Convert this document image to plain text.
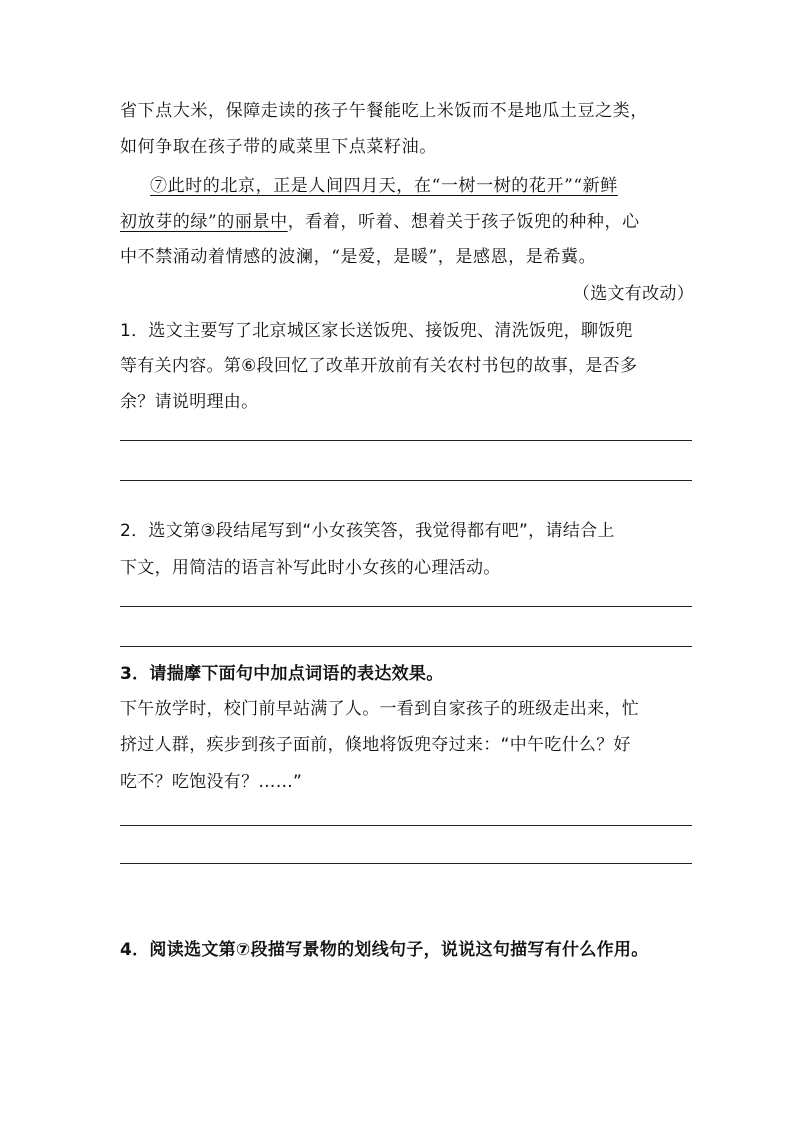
省下点大米，保障走读的孩子午餐能吃上米饭而不是地瓜土豆之类，
如何争取在孩子带的咸菜里下点菜籽油。
⑦此时的北京，正是人间四月天，在“一树一树的花开”“新鲜
初放芽的绿”的丽景中，看着，听着、想着关于孩子饭兜的种种，心
中不禁涌动着情感的波澜，“是爱，是暖”，是感恩，是希冀。
（选文有改动）
1．选文主要写了北京城区家长送饭兜、接饭兜、清洗饭兜，聊饭兜
等有关内容。第⑥段回忆了改革开放前有关农村书包的故事，是否多
余？请说明理由。
2．选文第③段结尾写到“小女孩笑答，我觉得都有吧”，请结合上
下文，用简洁的语言补写此时小女孩的心理活动。
3．请揣摩下面句中加点词语的表达效果。
下午放学时，校门前早站满了人。一看到自家孩子的班级走出来，忙
挤过人群，疾步到孩子面前，倏地将饭兜夺过来：“中午吃什么？好
吃不？吃饱没有？……”
4．阅读选文第⑦段描写景物的划线句子，说说这句描写有什么作用。
